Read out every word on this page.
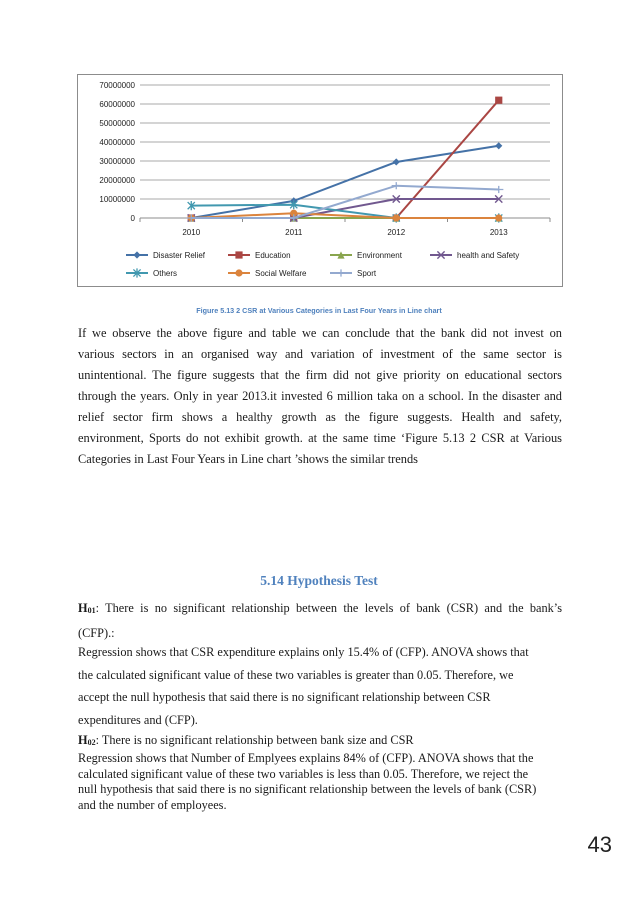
0
10000000
20000000
30000000
40000000
50000000
60000000
70000000
2010	2011	2012	2013
Disaster Relief	Education	Environment	health and Safety
Others	Social Welfare	Sport
Figure 5.13 2 CSR at Various Categories in Last Four Years in Line chart
If we observe the above figure and table we can conclude that the bank did not invest on
various sectors in an organised way and variation of investment of the same sector is
unintentional. The figure suggests that the firm did not give priority on educational sectors
through the years. Only in year 2013.it invested 6 million taka on a school. In the disaster and
relief sector firm shows a healthy growth as the figure suggests. Health and safety,
environment, Sports do not exhibit growth. at the same time ‘Figure 5.13 2 CSR at Various
Categories in Last Four Years in Line chart ’shows the similar trends
5.14 Hypothesis Test
$H_{01}$: There is no significant relationship between the levels of bank (CSR) and the bank’s
(CFP).:
Regression shows that CSR expenditure explains only 15.4% of (CFP). ANOVA shows that
the calculated significant value of these two variables is greater than 0.05. Therefore, we
accept the null hypothesis that said there is no significant relationship between CSR
expenditures and (CFP).
$H_{02}$: There is no significant relationship between bank size and CSR
Regression shows that Number of Emplyees explains 84% of (CFP). ANOVA shows that the
calculated significant value of these two variables is less than 0.05. Therefore, we reject the
null hypothesis that said there is no significant relationship between the levels of bank (CSR)
and the number of employees.
43
